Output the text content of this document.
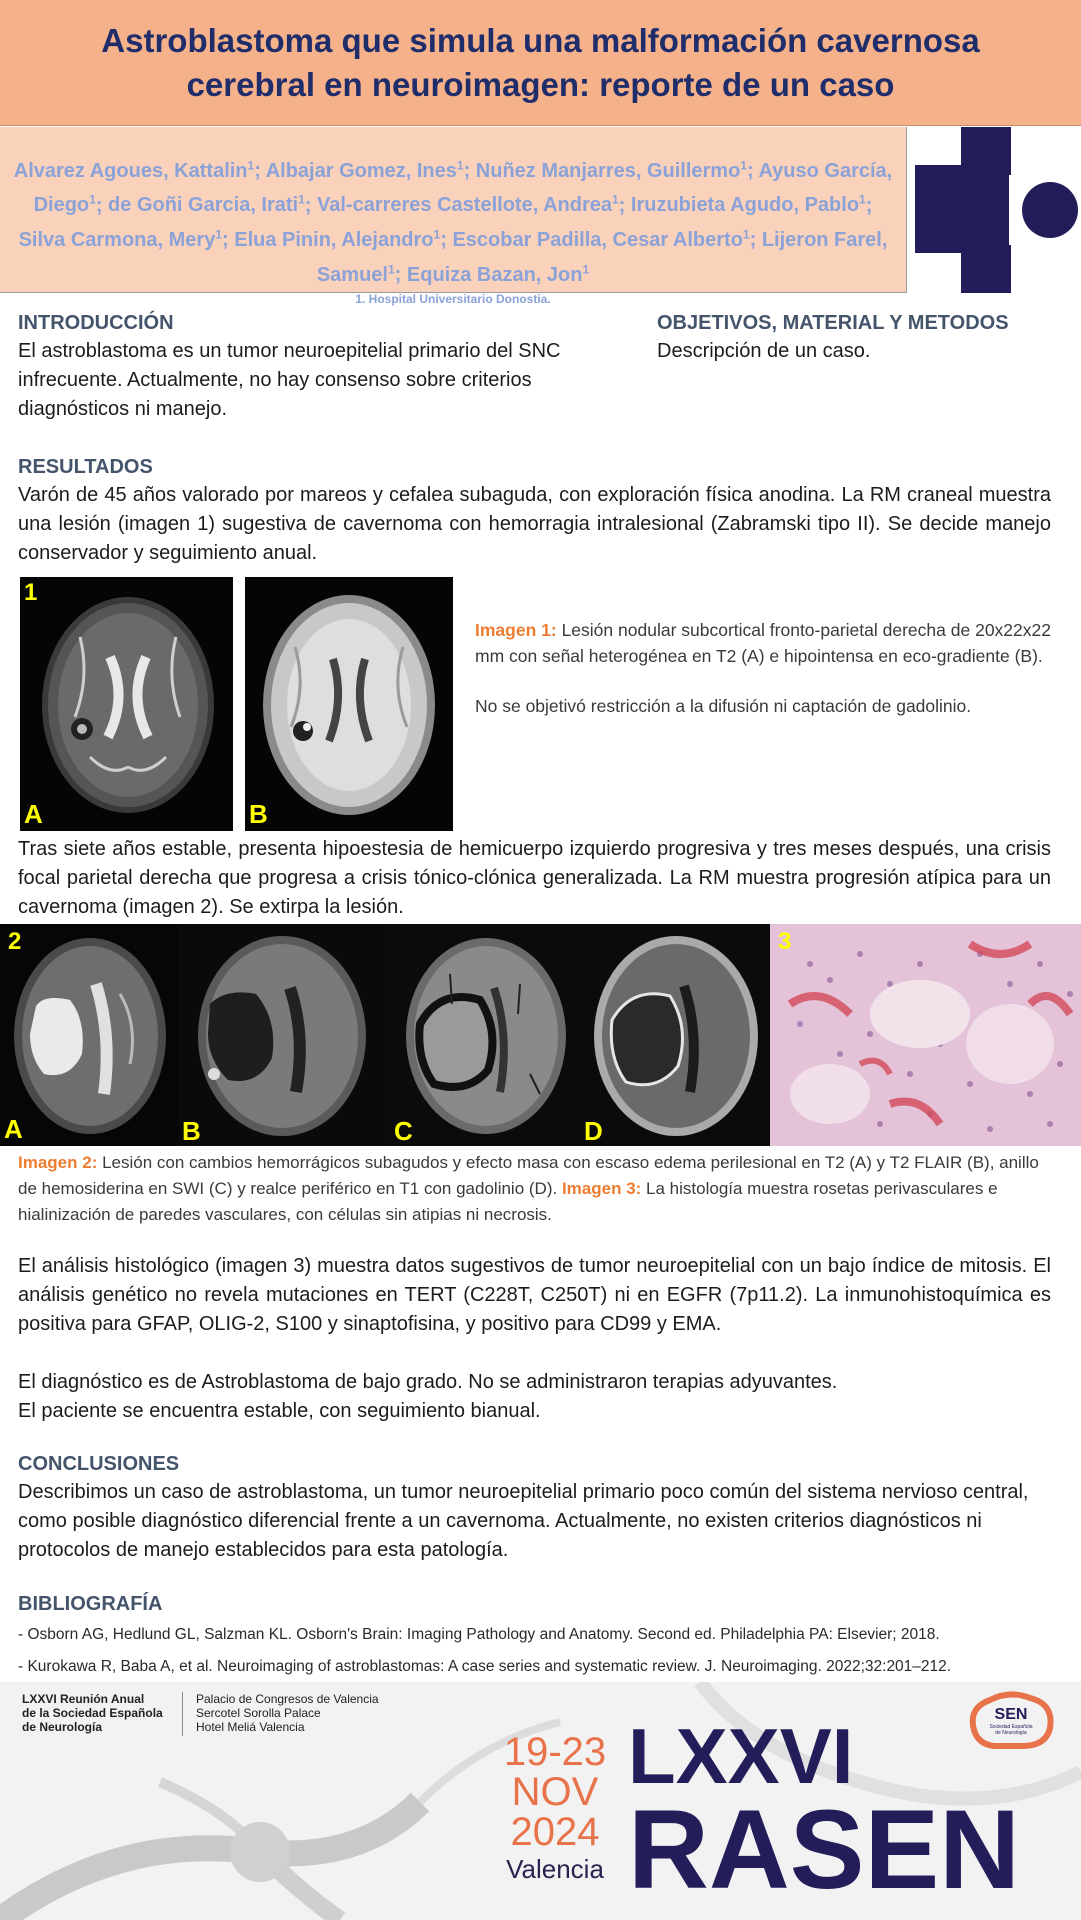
Astroblastoma que simula una malformación cavernosa
cerebral en neuroimagen: reporte de un caso
Alvarez Agoues, Kattalin$^1$; Albajar Gomez, Ines$^1$; Nuñez Manjarres, Guillermo$^1$; Ayuso García, Diego$^1$; de Goñi Garcia, Irati$^1$; Val-carreres Castellote, Andrea$^1$; Iruzubieta Agudo, Pablo$^1$; Silva Carmona, Mery$^1$; Elua Pinin, Alejandro$^1$; Escobar Padilla, Cesar Alberto$^1$; Lijeron Farel, Samuel$^1$; Equiza Bazan, Jon$^1$
1. Hospital Universitario Donostia.
INTRODUCCIÓN
El astroblastoma es un tumor neuroepitelial primario del SNC infrecuente. Actualmente, no hay consenso sobre criterios diagnósticos ni manejo.
OBJETIVOS, MATERIAL Y METODOS
Descripción de un caso.
RESULTADOS
Varón de 45 años valorado por mareos y cefalea subaguda, con exploración física anodina. La RM craneal muestra una lesión (imagen 1) sugestiva de cavernoma con hemorragia intralesional (Zabramski tipo II). Se decide manejo conservador y seguimiento anual.
1
A	B
Imagen 1: Lesión nodular subcortical fronto-parietal derecha de 20x22x22 mm con señal heterogénea en T2 (A) e hipointensa en eco-gradiente (B).
No se objetivó restricción a la difusión ni captación de gadolinio.
Tras siete años estable, presenta hipoestesia de hemicuerpo izquierdo progresiva y tres meses después, una crisis focal parietal derecha que progresa a crisis tónico-clónica generalizada. La RM muestra progresión atípica para un cavernoma (imagen 2). Se extirpa la lesión.
2
A	B	C	D
3
Imagen 2: Lesión con cambios hemorrágicos subagudos y efecto masa con escaso edema perilesional en T2 (A) y T2 FLAIR (B), anillo de hemosiderina en SWI (C) y realce periférico en T1 con gadolinio (D). Imagen 3: La histología muestra rosetas perivasculares e hialinización de paredes vasculares, con células sin atipias ni necrosis.
El análisis histológico (imagen 3) muestra datos sugestivos de tumor neuroepitelial con un bajo índice de mitosis. El análisis genético no revela mutaciones en TERT (C228T, C250T) ni en EGFR (7p11.2). La inmunohistoquímica es positiva para GFAP, OLIG-2, S100 y sinaptofisina, y positivo para CD99 y EMA.
El diagnóstico es de Astroblastoma de bajo grado. No se administraron terapias adyuvantes.
El paciente se encuentra estable, con seguimiento bianual.
CONCLUSIONES
Describimos un caso de astroblastoma, un tumor neuroepitelial primario poco común del sistema nervioso central, como posible diagnóstico diferencial frente a un cavernoma. Actualmente, no existen criterios diagnósticos ni protocolos de manejo establecidos para esta patología.
BIBLIOGRAFÍA
- Osborn AG, Hedlund GL, Salzman KL. Osborn's Brain: Imaging Pathology and Anatomy. Second ed. Philadelphia PA: Elsevier; 2018.
- Kurokawa R, Baba A, et al. Neuroimaging of astroblastomas: A case series and systematic review. J. Neuroimaging. 2022;32:201–212.
LXXVI Reunión Anual
de la Sociedad Española
de Neurología
Palacio de Congresos de Valencia
Sercotel Sorolla Palace
Hotel Meliá Valencia
19-23
NOV
2024
Valencia
LXXVI
RASEN
SEN
Sociedad Española
de Neurología
